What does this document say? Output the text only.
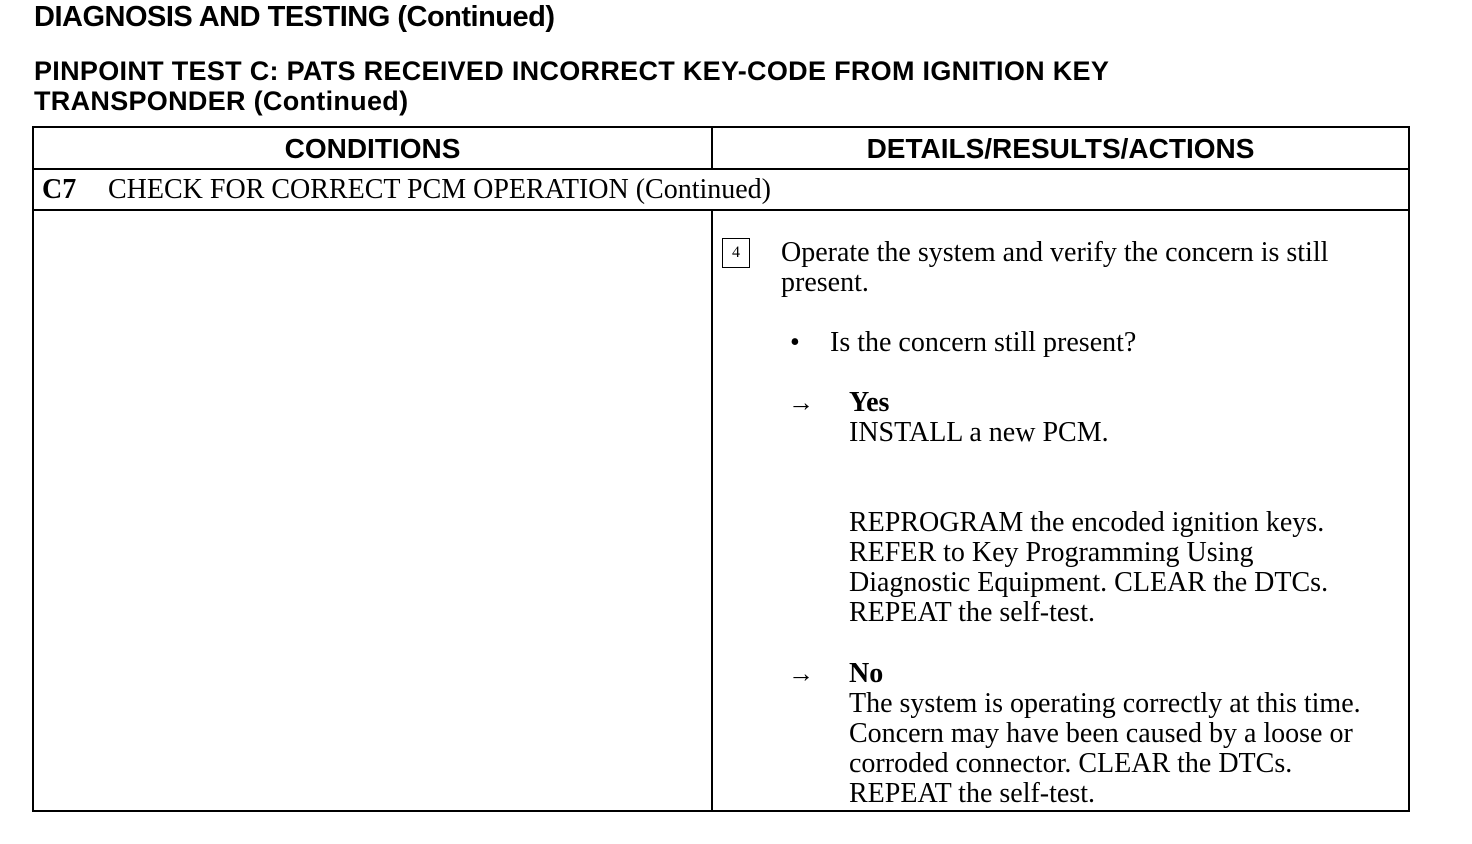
DIAGNOSIS AND TESTING (Continued)
PINPOINT TEST C: PATS RECEIVED INCORRECT KEY-CODE FROM IGNITION KEY
TRANSPONDER (Continued)
CONDITIONS	DETAILS/RESULTS/ACTIONS
C7 CHECK FOR CORRECT PCM OPERATION (Continued)
4	Operate the system and verify the concern is still
present.
• Is the concern still present?
→ Yes
INSTALL a new PCM.
REPROGRAM the encoded ignition keys.
REFER to Key Programming Using
Diagnostic Equipment. CLEAR the DTCs.
REPEAT the self-test.
→ No
The system is operating correctly at this time.
Concern may have been caused by a loose or
corroded connector. CLEAR the DTCs.
REPEAT the self-test.
